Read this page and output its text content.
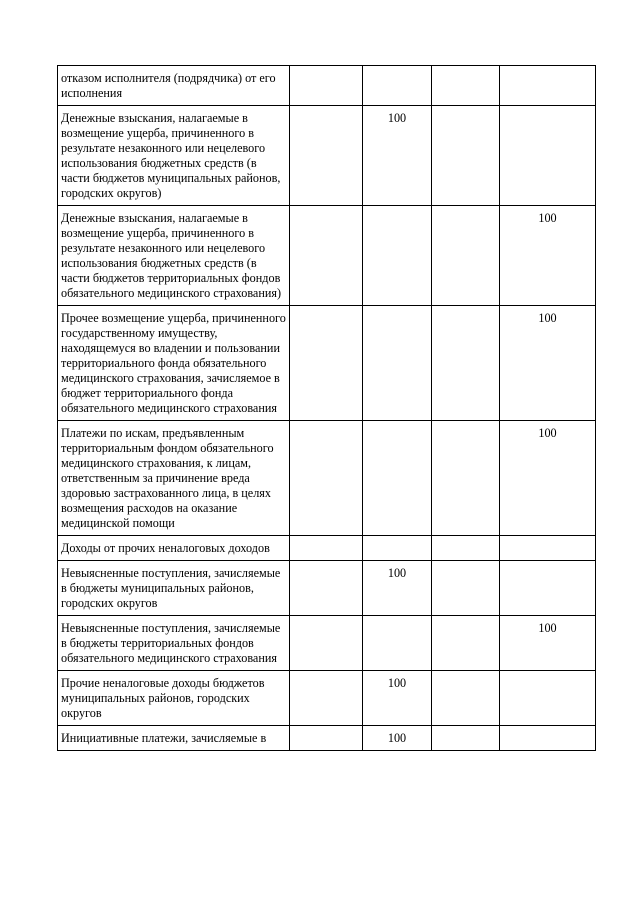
отказом исполнителя (подрядчика) от его исполнения				
Денежные взыскания, налагаемые в возмещение ущерба, причиненного в результате незаконного или нецелевого использования бюджетных средств (в части бюджетов муниципальных районов, городских округов)		100		
Денежные взыскания, налагаемые в возмещение ущерба, причиненного в результате незаконного или нецелевого использования бюджетных средств (в части бюджетов территориальных фондов обязательного медицинского страхования)				100
Прочее возмещение ущерба, причиненного государственному имуществу, находящемуся во владении и пользовании территориального фонда обязательного медицинского страхования, зачисляемое в бюджет территориального фонда обязательного медицинского страхования				100
Платежи по искам, предъявленным территориальным фондом обязательного медицинского страхования, к лицам, ответственным за причинение вреда здоровью застрахованного лица, в целях возмещения расходов на оказание медицинской помощи				100
Доходы от прочих неналоговых доходов				
Невыясненные поступления, зачисляемые в бюджеты муниципальных районов, городских округов		100		
Невыясненные поступления, зачисляемые в бюджеты территориальных фондов обязательного медицинского страхования				100
Прочие неналоговые доходы бюджетов муниципальных районов, городских округов		100		
Инициативные платежи, зачисляемые в		100		
